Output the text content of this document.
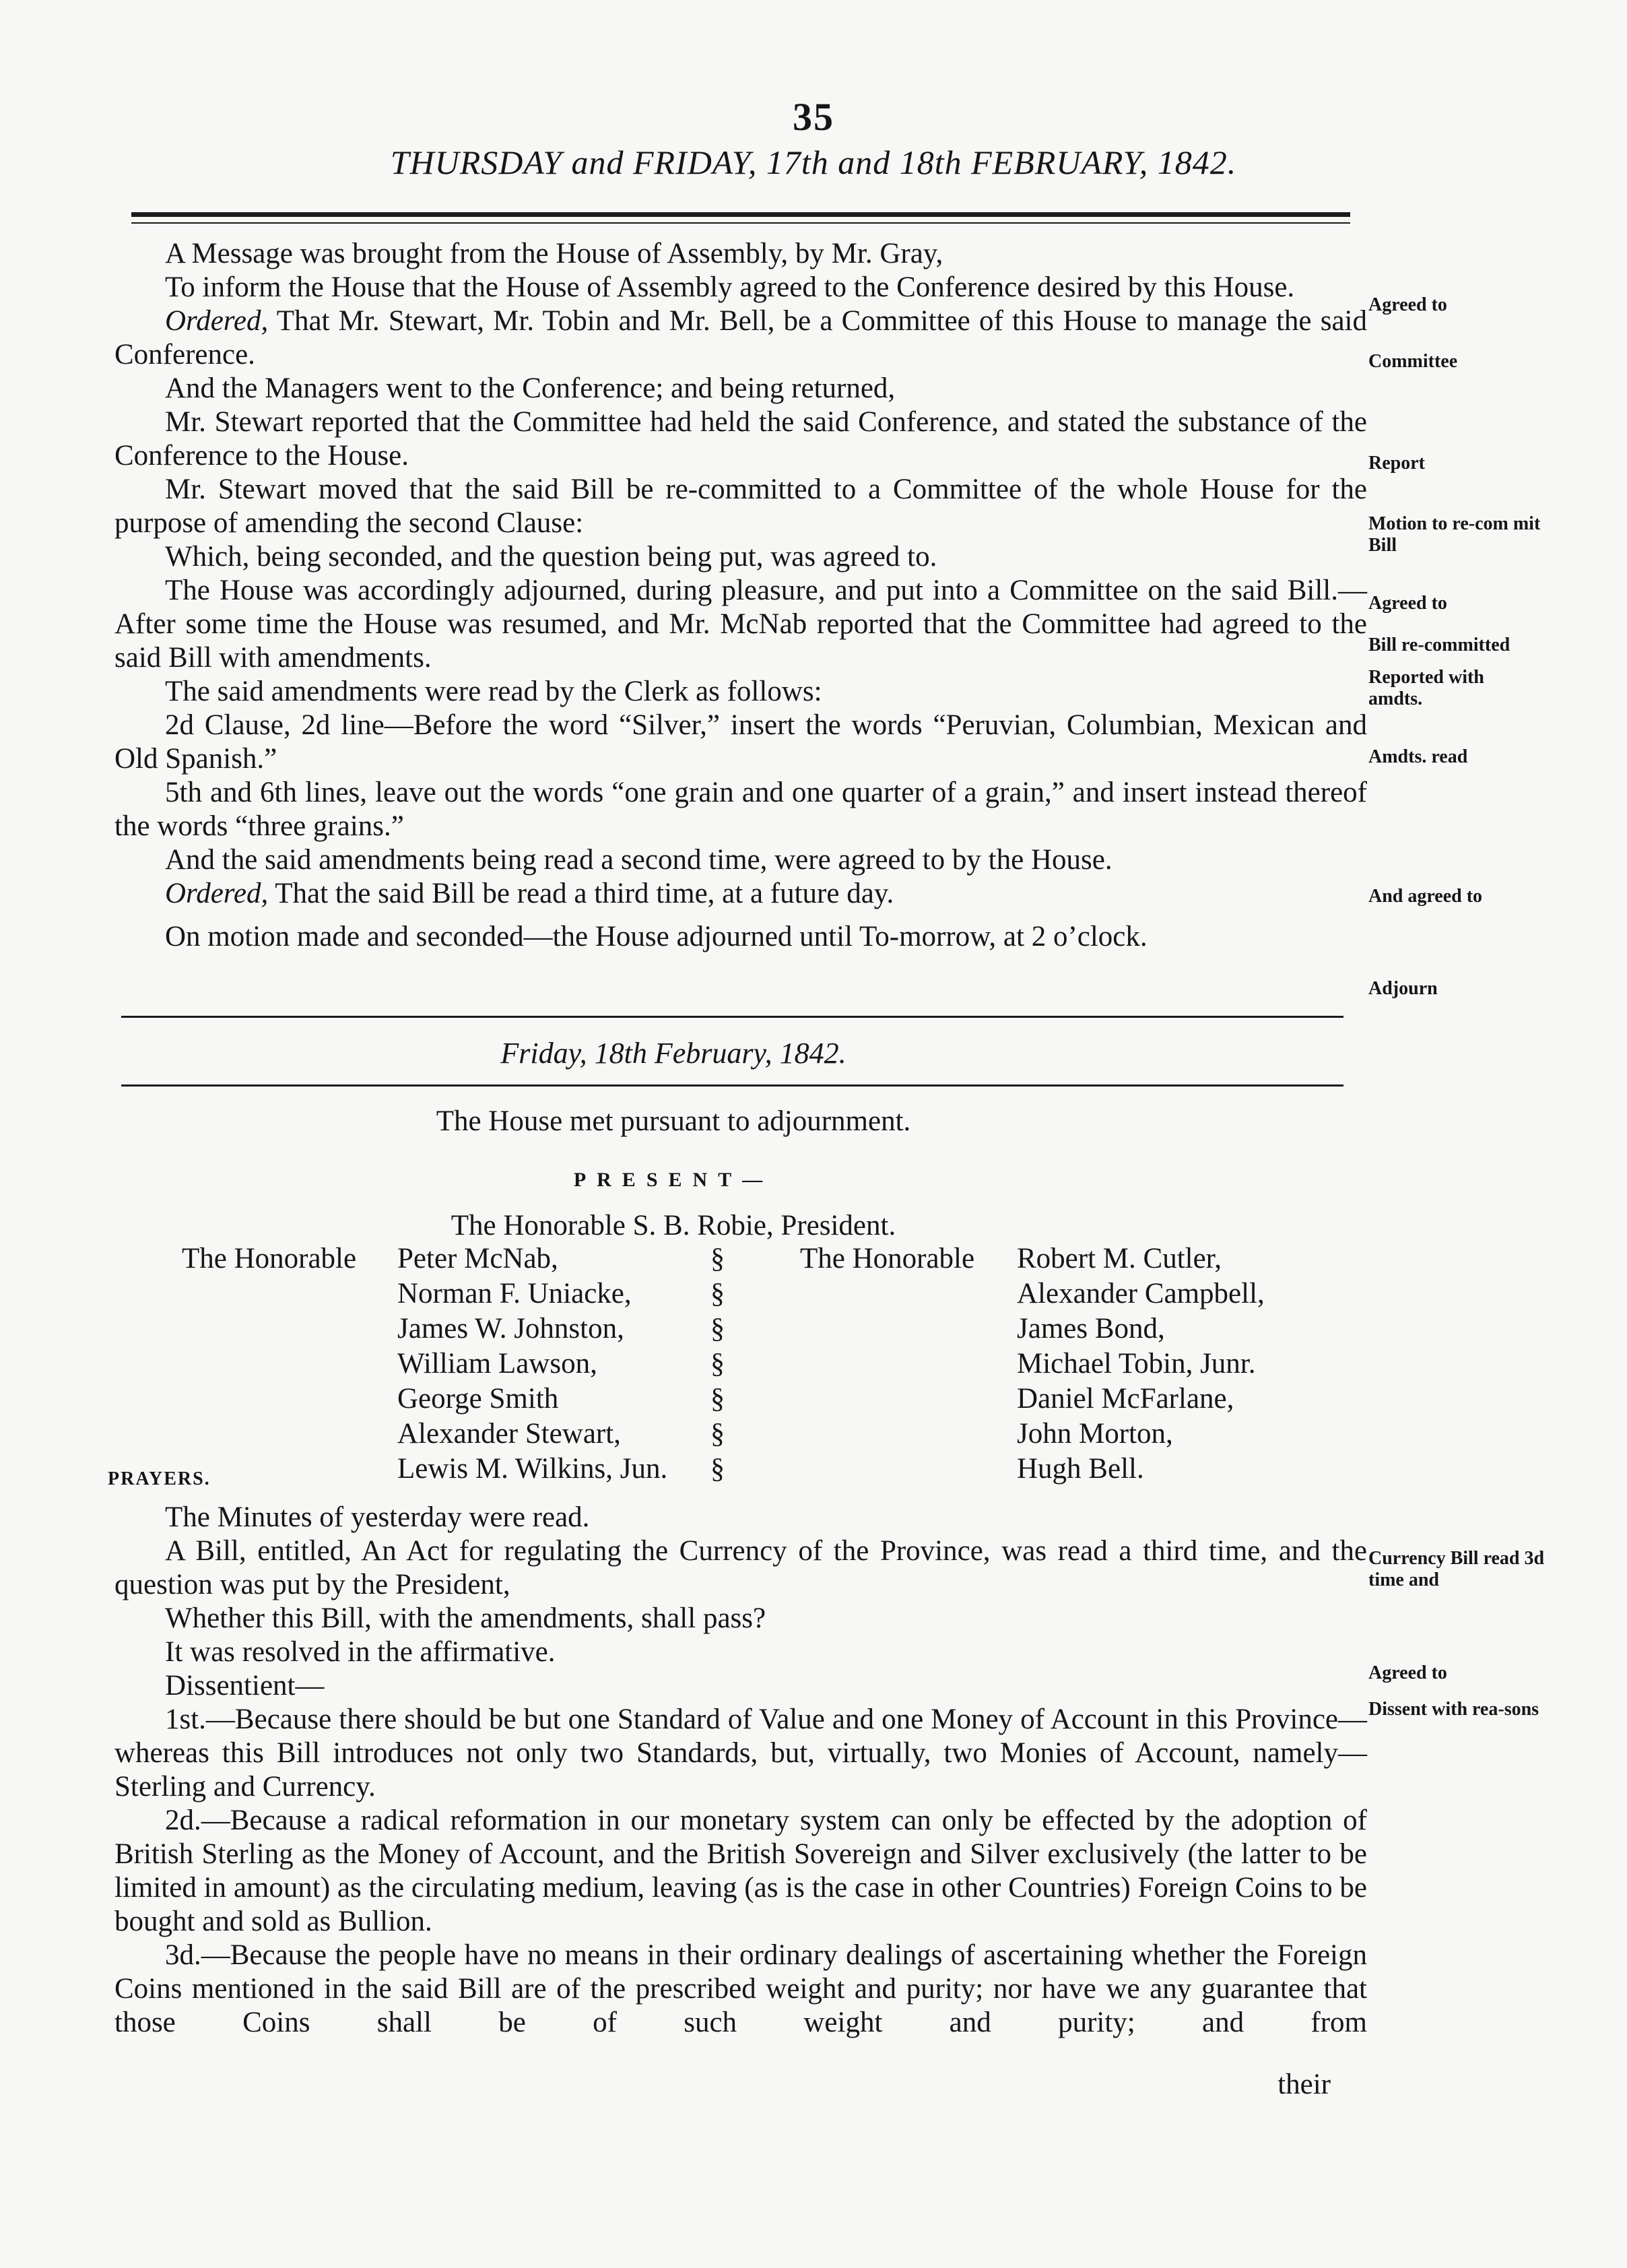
35
THURSDAY and FRIDAY, 17th and 18th FEBRUARY, 1842.

A Message was brought from the House of Assembly, by Mr. Gray,

To inform the House that the House of Assembly agreed to the Conference desired by this House.

Ordered, That Mr. Stewart, Mr. Tobin and Mr. Bell, be a Committee of this House to manage the said Conference.

And the Managers went to the Conference; and being returned,

Mr. Stewart reported that the Committee had held the said Conference, and stated the substance of the Conference to the House.

Mr. Stewart moved that the said Bill be re-committed to a Committee of the whole House for the purpose of amending the second Clause:

Which, being seconded, and the question being put, was agreed to.

The House was accordingly adjourned, during pleasure, and put into a Committee on the said Bill.—After some time the House was resumed, and Mr. McNab reported that the Committee had agreed to the said Bill with amendments.

The said amendments were read by the Clerk as follows:

2d Clause, 2d line—Before the word “Silver,” insert the words “Peruvian, Columbian, Mexican and Old Spanish.”

5th and 6th lines, leave out the words “one grain and one quarter of a grain,” and insert instead thereof the words “three grains.”

And the said amendments being read a second time, were agreed to by the House.

Ordered, That the said Bill be read a third time, at a future day.

On motion made and seconded—the House adjourned until To-morrow, at 2 o’clock.

Agreed to
Committee
Report
Motion to re-com mit Bill
Agreed to
Bill re-committed
Reported with amdts.
Amdts. read
And agreed to
Adjourn
Friday, 18th February, 1842.
The House met pursuant to adjournment.
PRESENT—
The Honorable S. B. Robie, President.
The Honorable Peter McNab,
Norman F. Uniacke,
James W. Johnston,
William Lawson,
George Smith
Alexander Stewart,
Lewis M. Wilkins, Jun.
§
§
§
§
§
§
§
The Honorable Robert M. Cutler,
Alexander Campbell,
James Bond,
Michael Tobin, Junr.
Daniel McFarlane,
John Morton,
Hugh Bell.
PRAYERS.

The Minutes of yesterday were read.

A Bill, entitled, An Act for regulating the Currency of the Province, was read a third time, and the question was put by the President,

Whether this Bill, with the amendments, shall pass?

It was resolved in the affirmative.

Dissentient—

1st.—Because there should be but one Standard of Value and one Money of Account in this Province—whereas this Bill introduces not only two Standards, but, virtually, two Monies of Account, namely—Sterling and Currency.

2d.—Because a radical reformation in our monetary system can only be effected by the adoption of British Sterling as the Money of Account, and the British Sovereign and Silver exclusively (the latter to be limited in amount) as the circulating medium, leaving (as is the case in other Countries) Foreign Coins to be bought and sold as Bullion.

3d.—Because the people have no means in their ordinary dealings of ascertaining whether the Foreign Coins mentioned in the said Bill are of the prescribed weight and purity; nor have we any guarantee that those Coins shall be of such weight and purity; and from

their
Currency Bill read 3d time and
Agreed to
Dissent with rea-sons
